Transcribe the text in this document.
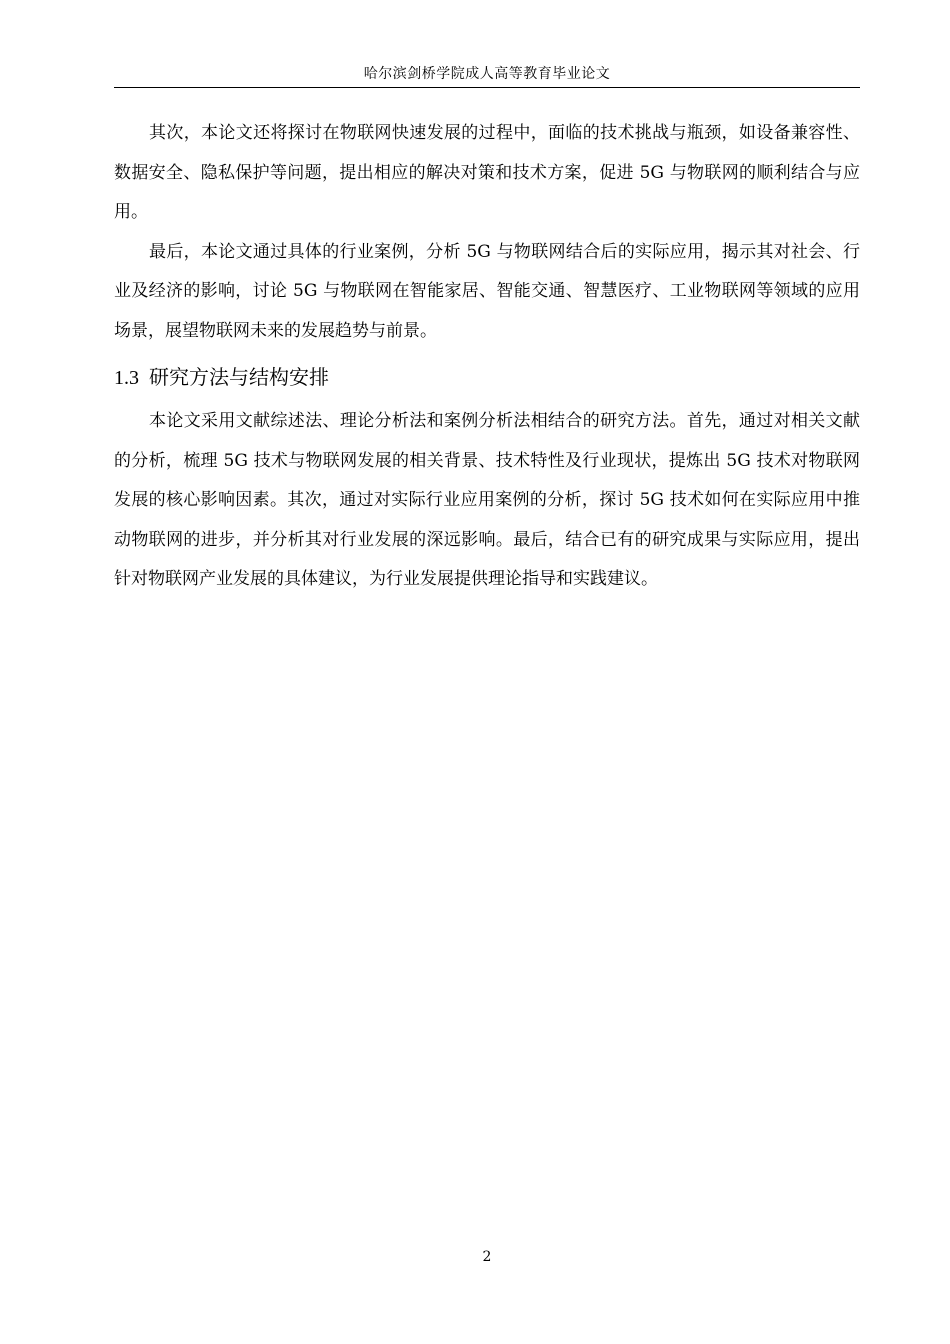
哈尔滨剑桥学院成人高等教育毕业论文

其次，本论文还将探讨在物联网快速发展的过程中，面临的技术挑战与瓶颈，如设备兼容性、数据安全、隐私保护等问题，提出相应的解决对策和技术方案，促进 5G 与物联网的顺利结合与应用。

最后，本论文通过具体的行业案例，分析 5G 与物联网结合后的实际应用，揭示其对社会、行业及经济的影响，讨论 5G 与物联网在智能家居、智能交通、智慧医疗、工业物联网等领域的应用场景，展望物联网未来的发展趋势与前景。

1.3 研究方法与结构安排

本论文采用文献综述法、理论分析法和案例分析法相结合的研究方法。首先，通过对相关文献的分析，梳理 5G 技术与物联网发展的相关背景、技术特性及行业现状，提炼出 5G 技术对物联网发展的核心影响因素。其次，通过对实际行业应用案例的分析，探讨 5G 技术如何在实际应用中推动物联网的进步，并分析其对行业发展的深远影响。最后，结合已有的研究成果与实际应用，提出针对物联网产业发展的具体建议，为行业发展提供理论指导和实践建议。

2
